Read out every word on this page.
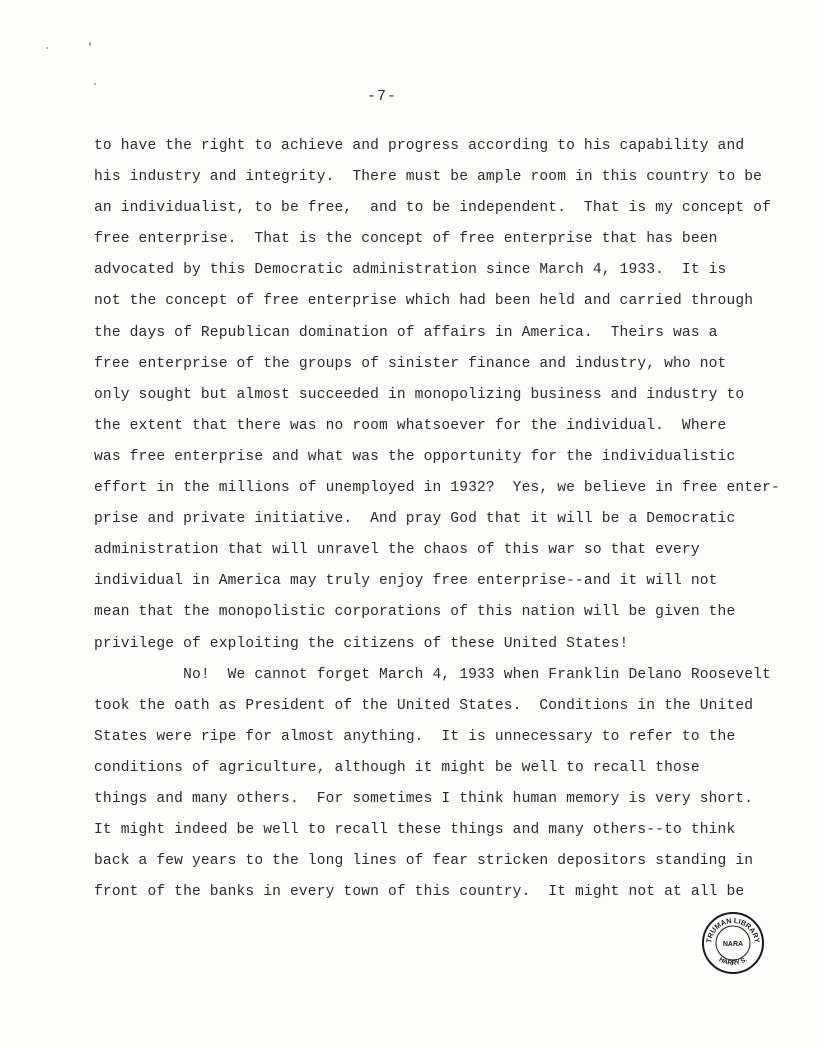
-7-
to have the right to achieve and progress according to his capability and
his industry and integrity.  There must be ample room in this country to be
an individualist, to be free,  and to be independent.  That is my concept of
free enterprise.  That is the concept of free enterprise that has been
advocated by this Democratic administration since March 4, 1933.  It is
not the concept of free enterprise which had been held and carried through
the days of Republican domination of affairs in America.  Theirs was a
free enterprise of the groups of sinister finance and industry, who not
only sought but almost succeeded in monopolizing business and industry to
the extent that there was no room whatsoever for the individual.  Where
was free enterprise and what was the opportunity for the individualistic
effort in the millions of unemployed in 1932?  Yes, we believe in free enter-
prise and private initiative.  And pray God that it will be a Democratic
administration that will unravel the chaos of this war so that every
individual in America may truly enjoy free enterprise--and it will not
mean that the monopolistic corporations of this nation will be given the
privilege of exploiting the citizens of these United States!
No!  We cannot forget March 4, 1933 when Franklin Delano Roosevelt
took the oath as President of the United States.  Conditions in the United
States were ripe for almost anything.  It is unnecessary to refer to the
conditions of agriculture, although it might be well to recall those
things and many others.  For sometimes I think human memory is very short.
It might indeed be well to recall these things and many others--to think
back a few years to the long lines of fear stricken depositors standing in
front of the banks in every town of this country.  It might not at all be
TRUMAN LIBRARY
HARRY S.
NARA
